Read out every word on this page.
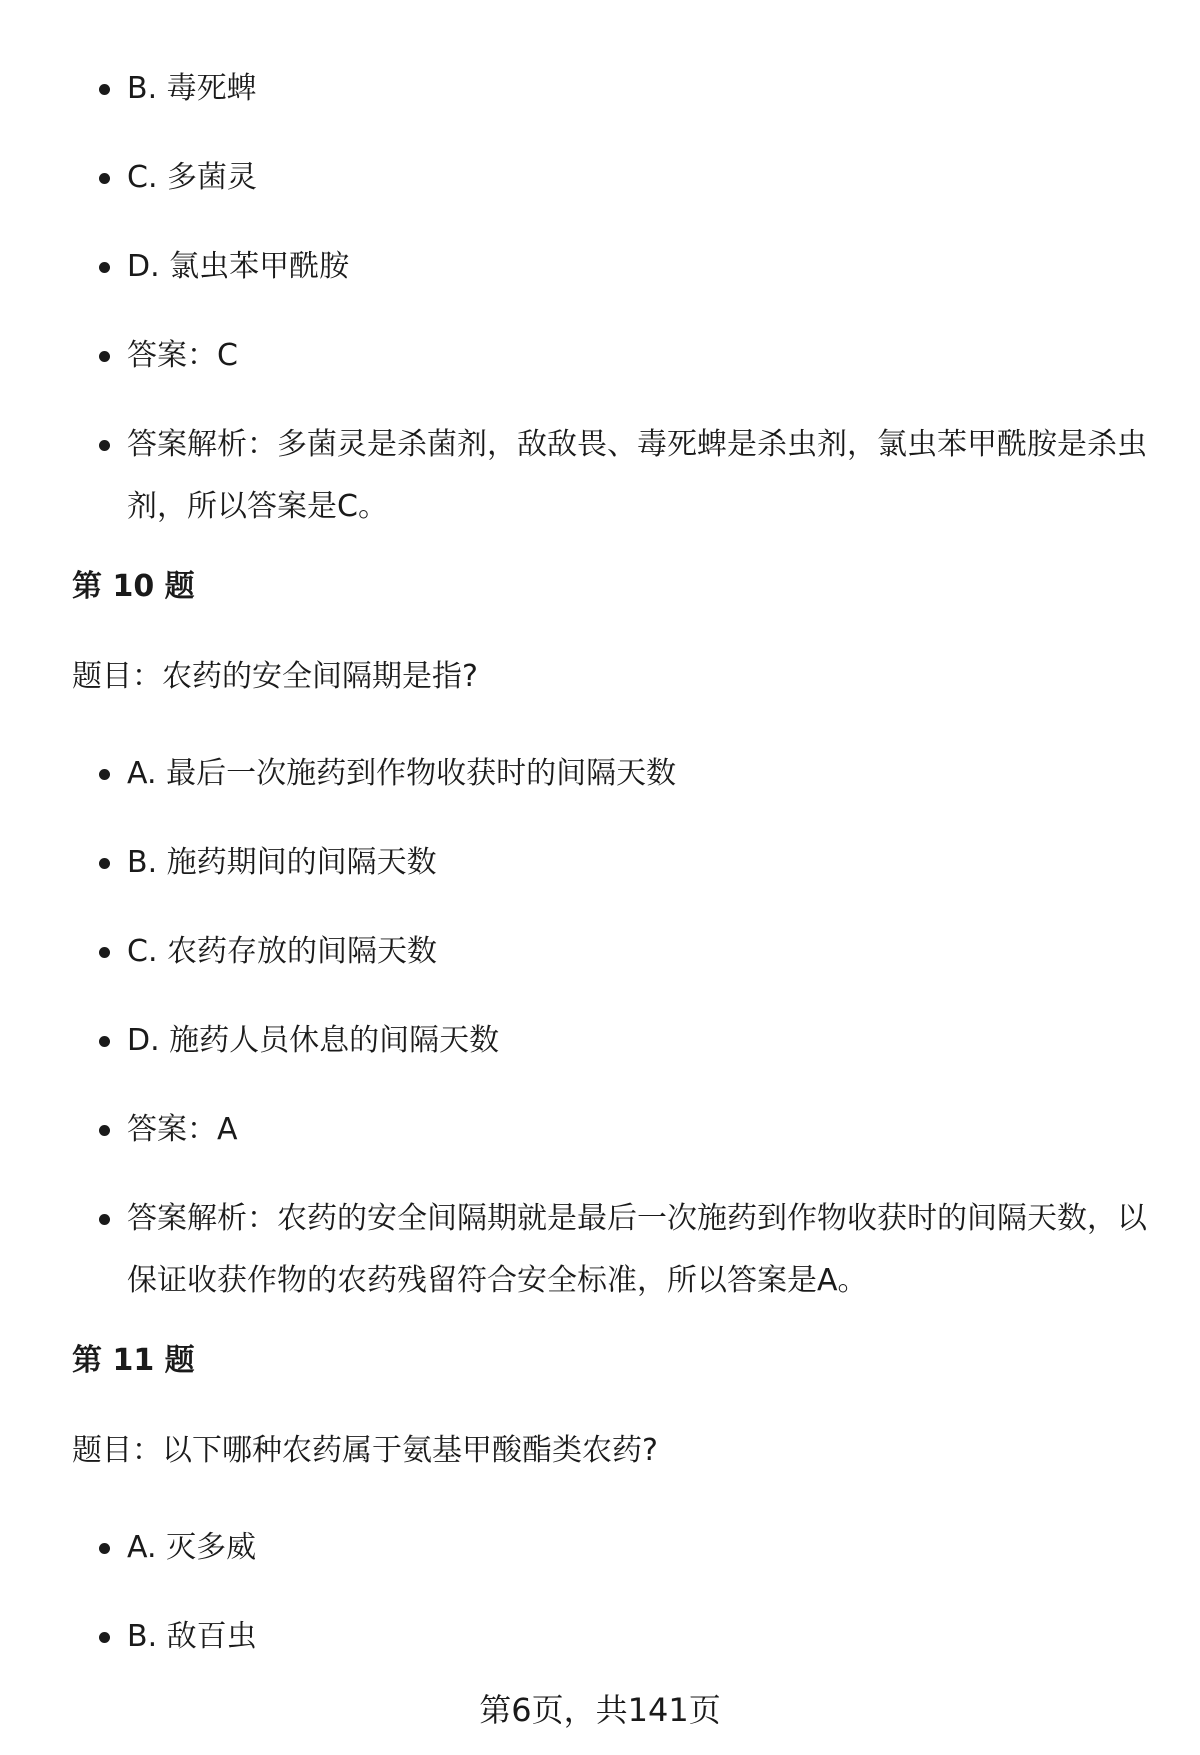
B. 毒死蜱
C. 多菌灵
D. 氯虫苯甲酰胺
答案：C
答案解析：多菌灵是杀菌剂，敌敌畏、毒死蜱是杀虫剂，氯虫苯甲酰胺是杀虫剂，所以答案是C。
第 10 题
题目：农药的安全间隔期是指?
A. 最后一次施药到作物收获时的间隔天数
B. 施药期间的间隔天数
C. 农药存放的间隔天数
D. 施药人员休息的间隔天数
答案：A
答案解析：农药的安全间隔期就是最后一次施药到作物收获时的间隔天数，以保证收获作物的农药残留符合安全标准，所以答案是A。
第 11 题
题目：以下哪种农药属于氨基甲酸酯类农药?
A. 灭多威
B. 敌百虫
第6页，共141页
